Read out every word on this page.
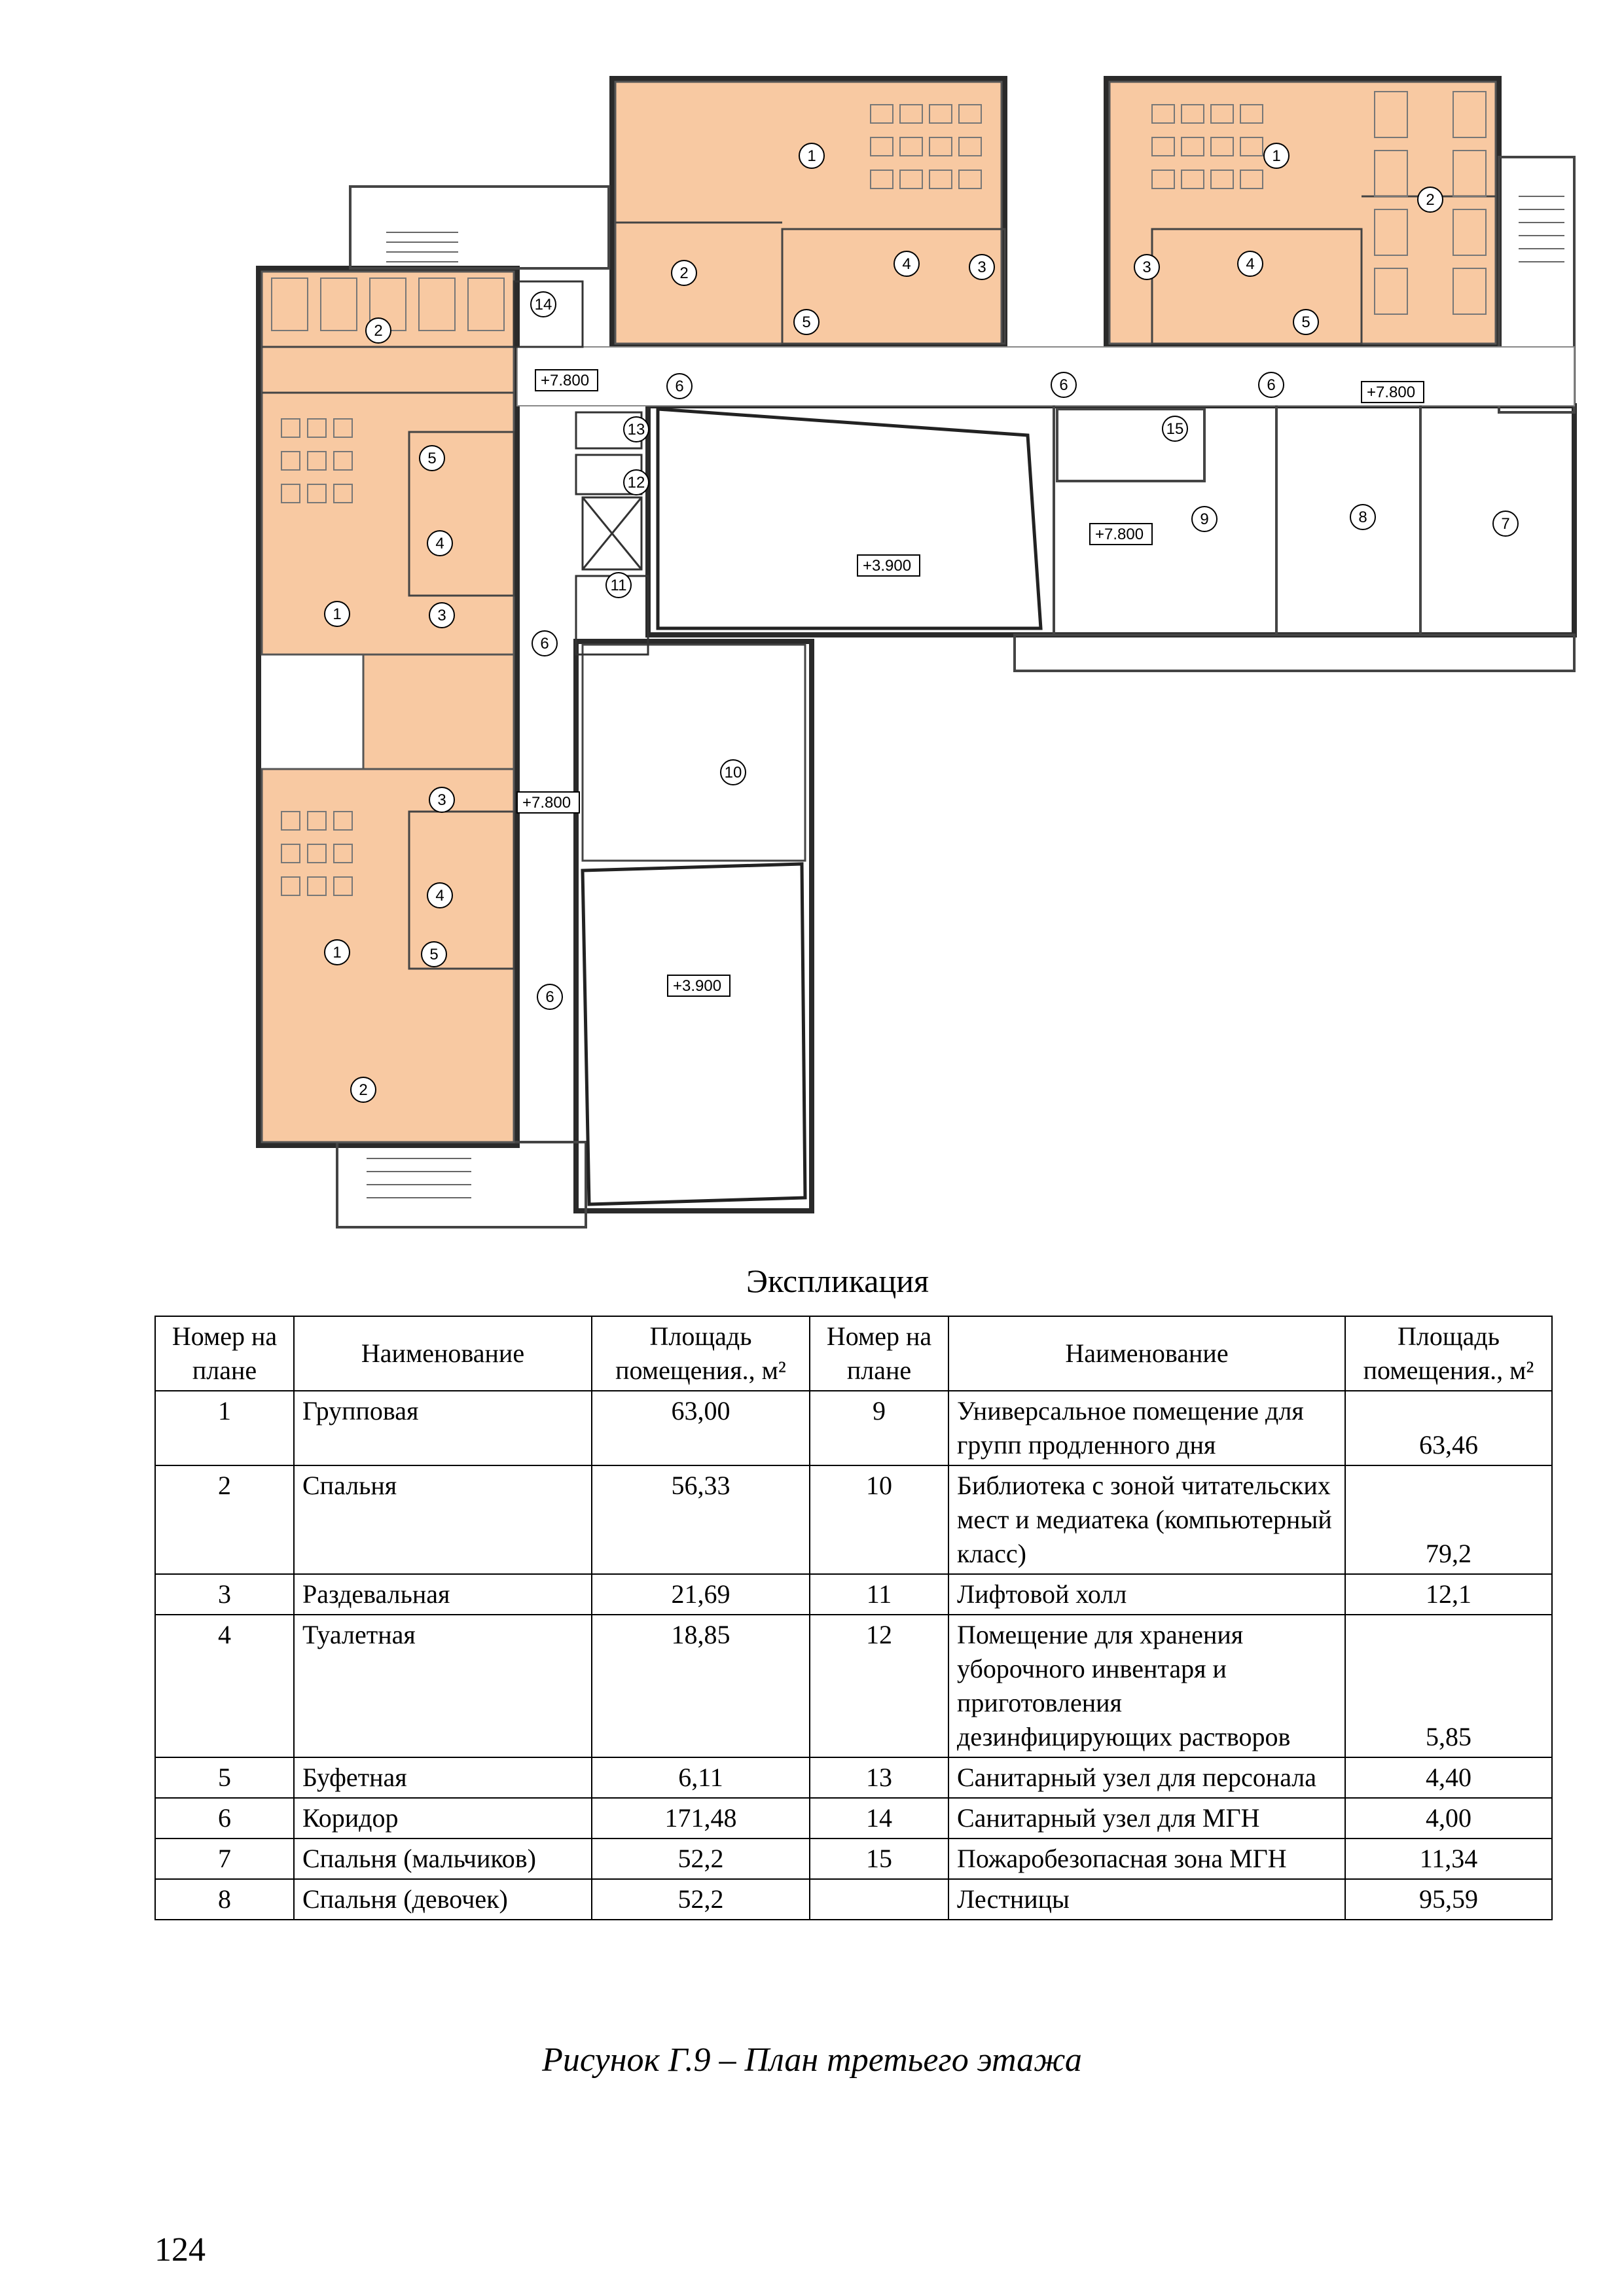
+7.800
+7.800
+7.800
+7.800
+3.900
+3.900
1
1
1	1
2
2
2
2
3
3
3	3
4
4
4	4
5
5
5	5
6	6	6
6
6
7
8
9
10
11
12
13
14
15
Экспликация
Номер на плане	Наименование	Площадь помещения., м²	Номер на плане	Наименование	Площадь помещения., м²
1	Групповая	63,00	9	Универсальное помещение для групп продленного дня	63,46
2	Спальня	56,33	10	Библиотека с зоной читательских мест и медиатека (компьютерный класс)	79,2
3	Раздевальная	21,69	11	Лифтовой холл	12,1
4	Туалетная	18,85	12	Помещение для хранения уборочного инвентаря и приготовления дезинфицирующих растворов	5,85
5	Буфетная	6,11	13	Санитарный узел для персонала	4,40
6	Коридор	171,48	14	Санитарный узел для МГН	4,00
7	Спальня (мальчиков)	52,2	15	Пожаробезопасная зона МГН	11,34
8	Спальня (девочек)	52,2		Лестницы	95,59
Рисунок Г.9 – План третьего этажа
124
